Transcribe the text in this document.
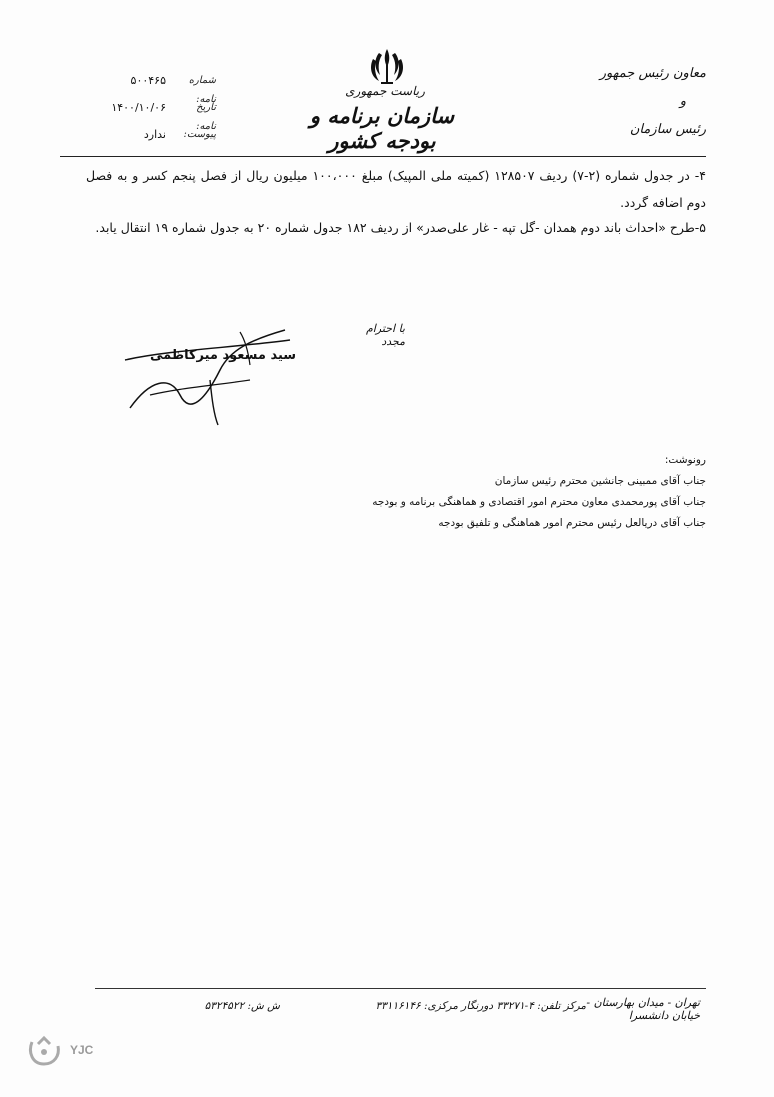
معاون رئیس جمهور
و
رئیس سازمان
ریاست جمهوری
سازمان برنامه و بودجه کشور
شماره نامه:
۵۰۰۴۶۵
تاریخ نامه:
۱۴۰۰/۱۰/۰۶
پیوست:
ندارد
۴- در جدول شماره (۲-۷) ردیف ۱۲۸۵۰۷ (کمیته ملی المپیک) مبلغ ۱۰۰،۰۰۰ میلیون ریال از فصل پنجم کسر و به فصل دوم اضافه گردد.
۵-طرح «احداث باند دوم همدان -گل تپه - غار علی‌صدر» از ردیف ۱۸۲ جدول شماره ۲۰ به جدول شماره ۱۹ انتقال یابد.
با احترام مجدد
سید مسعود میرکاظمی
رونوشت:
جناب آقای ممبینی جانشین محترم رئیس سازمان
جناب آقای پورمحمدی معاون محترم امور اقتصادی و هماهنگی برنامه و بودجه
جناب آقای دریالعل رئیس محترم امور هماهنگی و تلفیق بودجه
تهران - میدان بهارستان - خیابان دانشسرا
مرکز تلفن: ۴-۳۳۲۷۱ دورنگار مرکزی: ۳۳۱۱۶۱۴۶
ش ش: ۵۳۲۴۵۲۲
YJC
